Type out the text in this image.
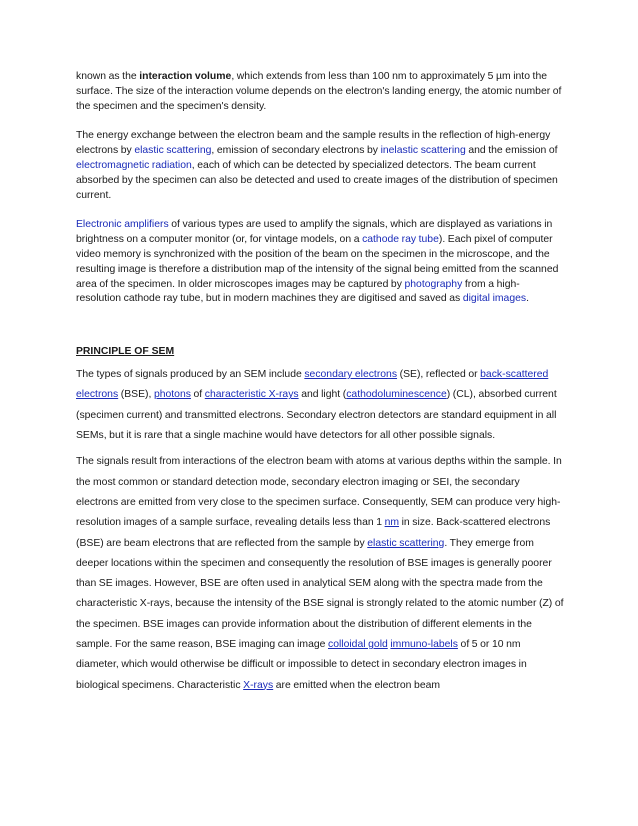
known as the interaction volume, which extends from less than 100 nm to approximately 5 µm into the surface. The size of the interaction volume depends on the electron's landing energy, the atomic number of the specimen and the specimen's density.

The energy exchange between the electron beam and the sample results in the reflection of high-energy electrons by elastic scattering, emission of secondary electrons by inelastic scattering and the emission of electromagnetic radiation, each of which can be detected by specialized detectors. The beam current absorbed by the specimen can also be detected and used to create images of the distribution of specimen current.

Electronic amplifiers of various types are used to amplify the signals, which are displayed as variations in brightness on a computer monitor (or, for vintage models, on a cathode ray tube). Each pixel of computer video memory is synchronized with the position of the beam on the specimen in the microscope, and the resulting image is therefore a distribution map of the intensity of the signal being emitted from the scanned area of the specimen. In older microscopes images may be captured by photography from a high-resolution cathode ray tube, but in modern machines they are digitised and saved as digital images.

PRINCIPLE OF SEM

The types of signals produced by an SEM include secondary electrons (SE), reflected or back-scattered electrons (BSE), photons of characteristic X-rays and light (cathodoluminescence) (CL), absorbed current (specimen current) and transmitted electrons. Secondary electron detectors are standard equipment in all SEMs, but it is rare that a single machine would have detectors for all other possible signals.

The signals result from interactions of the electron beam with atoms at various depths within the sample. In the most common or standard detection mode, secondary electron imaging or SEI, the secondary electrons are emitted from very close to the specimen surface. Consequently, SEM can produce very high-resolution images of a sample surface, revealing details less than 1 nm in size. Back-scattered electrons (BSE) are beam electrons that are reflected from the sample by elastic scattering. They emerge from deeper locations within the specimen and consequently the resolution of BSE images is generally poorer than SE images. However, BSE are often used in analytical SEM along with the spectra made from the characteristic X-rays, because the intensity of the BSE signal is strongly related to the atomic number (Z) of the specimen. BSE images can provide information about the distribution of different elements in the sample. For the same reason, BSE imaging can image colloidal gold immuno-labels of 5 or 10 nm diameter, which would otherwise be difficult or impossible to detect in secondary electron images in biological specimens. Characteristic X-rays are emitted when the electron beam
